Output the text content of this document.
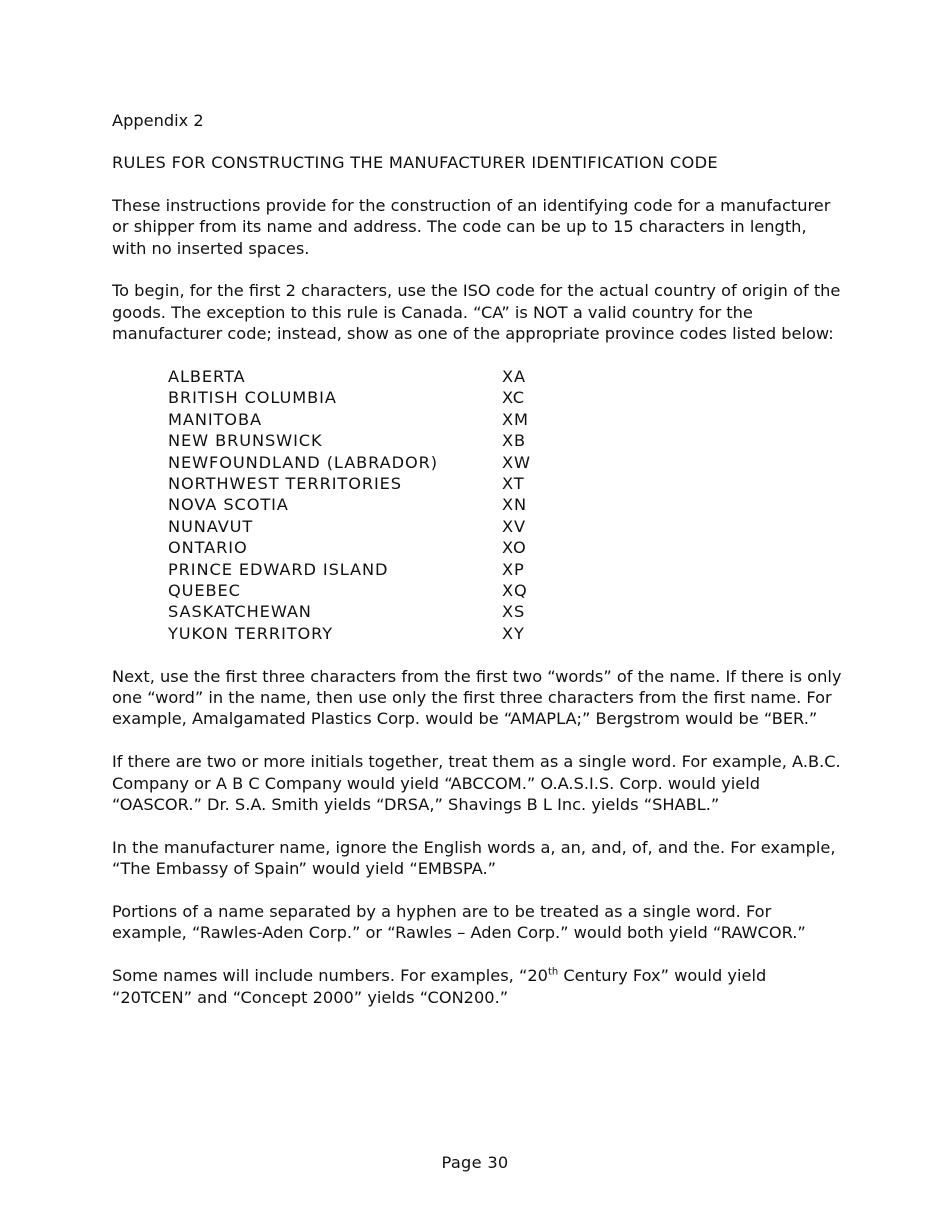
Appendix 2
RULES FOR CONSTRUCTING THE MANUFACTURER IDENTIFICATION CODE

These instructions provide for the construction of an identifying code for a manufacturer or shipper from its name and address. The code can be up to 15 characters in length, with no inserted spaces.

To begin, for the first 2 characters, use the ISO code for the actual country of origin of the goods. The exception to this rule is Canada. “CA” is NOT a valid country for the manufacturer code; instead, show as one of the appropriate province codes listed below:

ALBERTA	XA
BRITISH COLUMBIA	XC
MANITOBA	XM
NEW BRUNSWICK	XB
NEWFOUNDLAND (LABRADOR)	XW
NORTHWEST TERRITORIES	XT
NOVA SCOTIA	XN
NUNAVUT	XV
ONTARIO	XO
PRINCE EDWARD ISLAND	XP
QUEBEC	XQ
SASKATCHEWAN	XS
YUKON TERRITORY	XY

Next, use the first three characters from the first two “words” of the name. If there is only one “word” in the name, then use only the first three characters from the first name. For example, Amalgamated Plastics Corp. would be “AMAPLA;” Bergstrom would be “BER.”

If there are two or more initials together, treat them as a single word. For example, A.B.C. Company or A B C Company would yield “ABCCOM.” O.A.S.I.S. Corp. would yield “OASCOR.” Dr. S.A. Smith yields “DRSA,” Shavings B L Inc. yields “SHABL.”

In the manufacturer name, ignore the English words a, an, and, of, and the. For example, “The Embassy of Spain” would yield “EMBSPA.”

Portions of a name separated by a hyphen are to be treated as a single word. For example, “Rawles-Aden Corp.” or “Rawles – Aden Corp.” would both yield “RAWCOR.”

Some names will include numbers. For examples, “20th Century Fox” would yield “20TCEN” and “Concept 2000” yields “CON200.”

Page 30
